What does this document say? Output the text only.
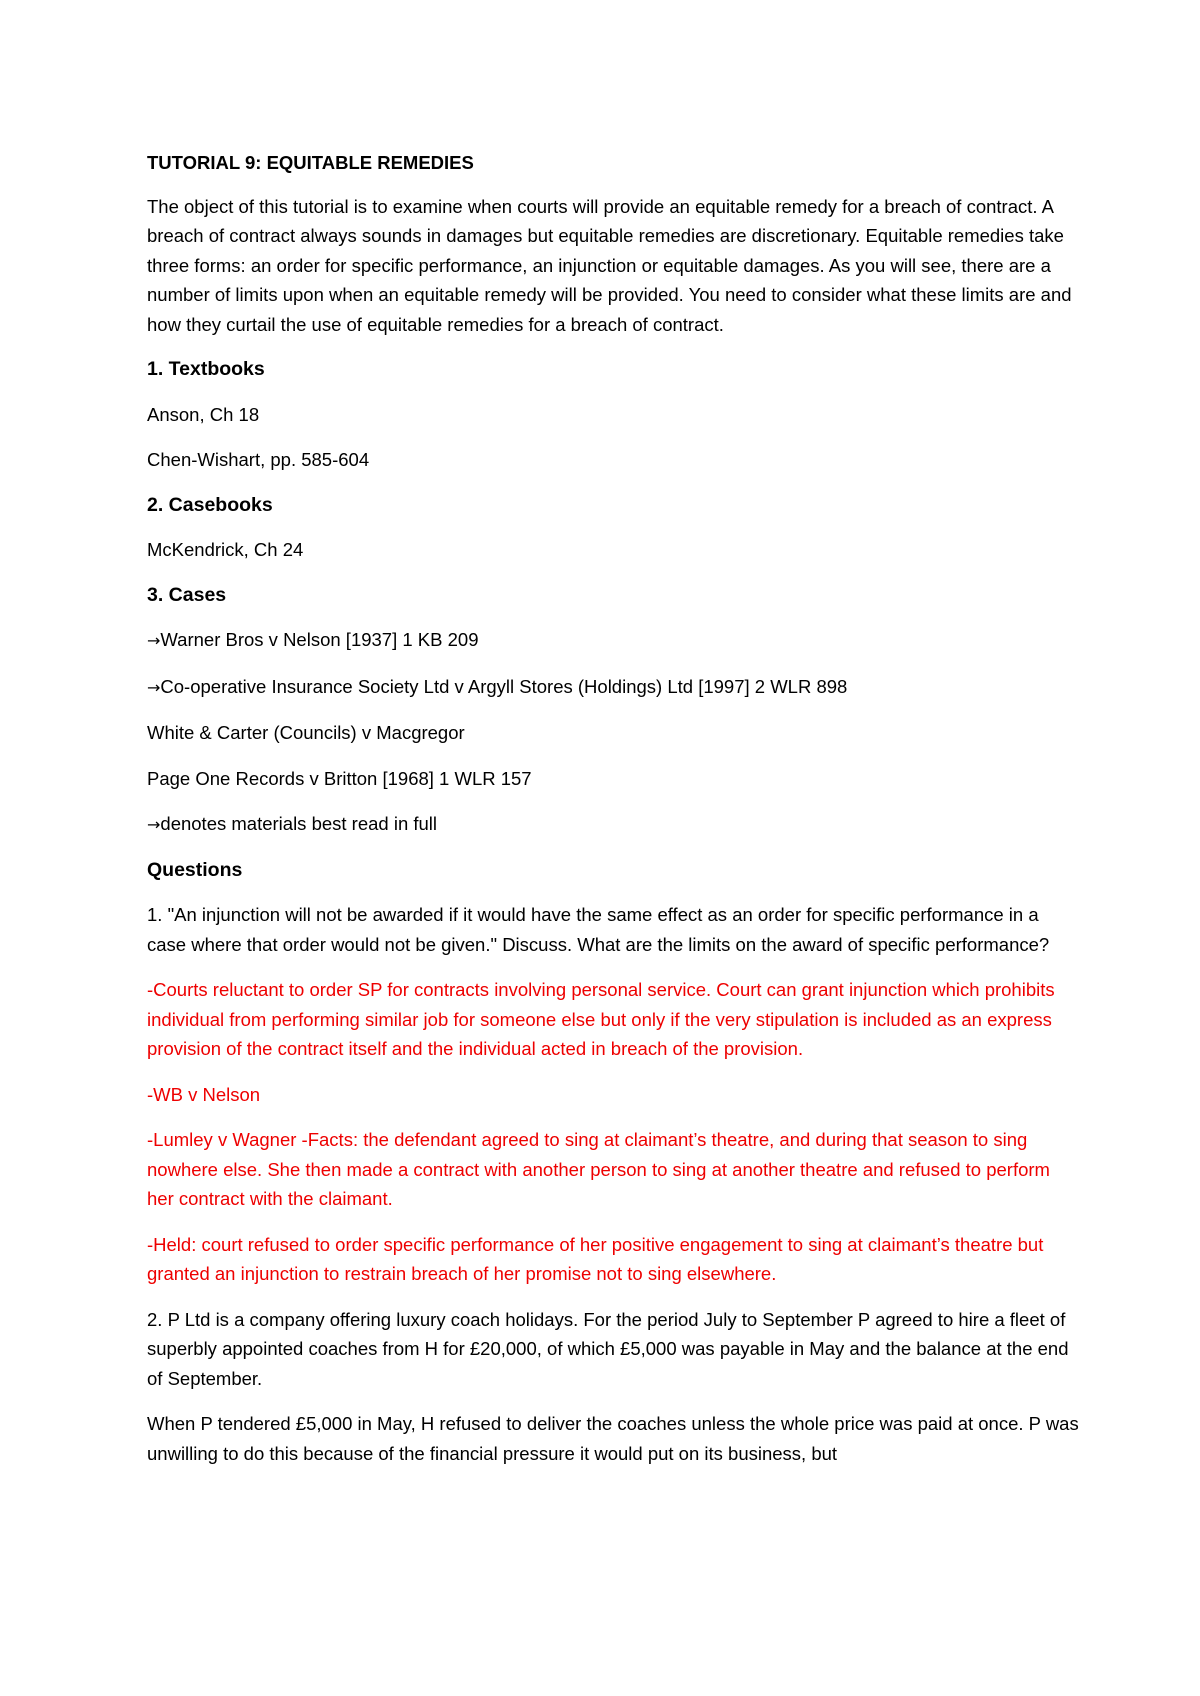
TUTORIAL 9: EQUITABLE REMEDIES
The object of this tutorial is to examine when courts will provide an equitable remedy for a breach of contract. A breach of contract always sounds in damages but equitable remedies are discretionary. Equitable remedies take three forms: an order for specific performance, an injunction or equitable damages. As you will see, there are a number of limits upon when an equitable remedy will be provided. You need to consider what these limits are and how they curtail the use of equitable remedies for a breach of contract.
1. Textbooks
Anson, Ch 18
Chen-Wishart, pp. 585-604
2. Casebooks
McKendrick, Ch 24
3. Cases
→Warner Bros v Nelson [1937] 1 KB 209
→Co-operative Insurance Society Ltd v Argyll Stores (Holdings) Ltd [1997] 2 WLR 898
White & Carter (Councils) v Macgregor
Page One Records v Britton [1968] 1 WLR 157
→denotes materials best read in full
Questions
1. "An injunction will not be awarded if it would have the same effect as an order for specific performance in a case where that order would not be given." Discuss. What are the limits on the award of specific performance?
-Courts reluctant to order SP for contracts involving personal service. Court can grant injunction which prohibits individual from performing similar job for someone else but only if the very stipulation is included as an express provision of the contract itself and the individual acted in breach of the provision.
-WB v Nelson
-Lumley v Wagner -Facts: the defendant agreed to sing at claimant’s theatre, and during that season to sing nowhere else. She then made a contract with another person to sing at another theatre and refused to perform her contract with the claimant.
-Held: court refused to order specific performance of her positive engagement to sing at claimant’s theatre but granted an injunction to restrain breach of her promise not to sing elsewhere.
2. P Ltd is a company offering luxury coach holidays. For the period July to September P agreed to hire a fleet of superbly appointed coaches from H for £20,000, of which £5,000 was payable in May and the balance at the end of September.
When P tendered £5,000 in May, H refused to deliver the coaches unless the whole price was paid at once. P was unwilling to do this because of the financial pressure it would put on its business, but
